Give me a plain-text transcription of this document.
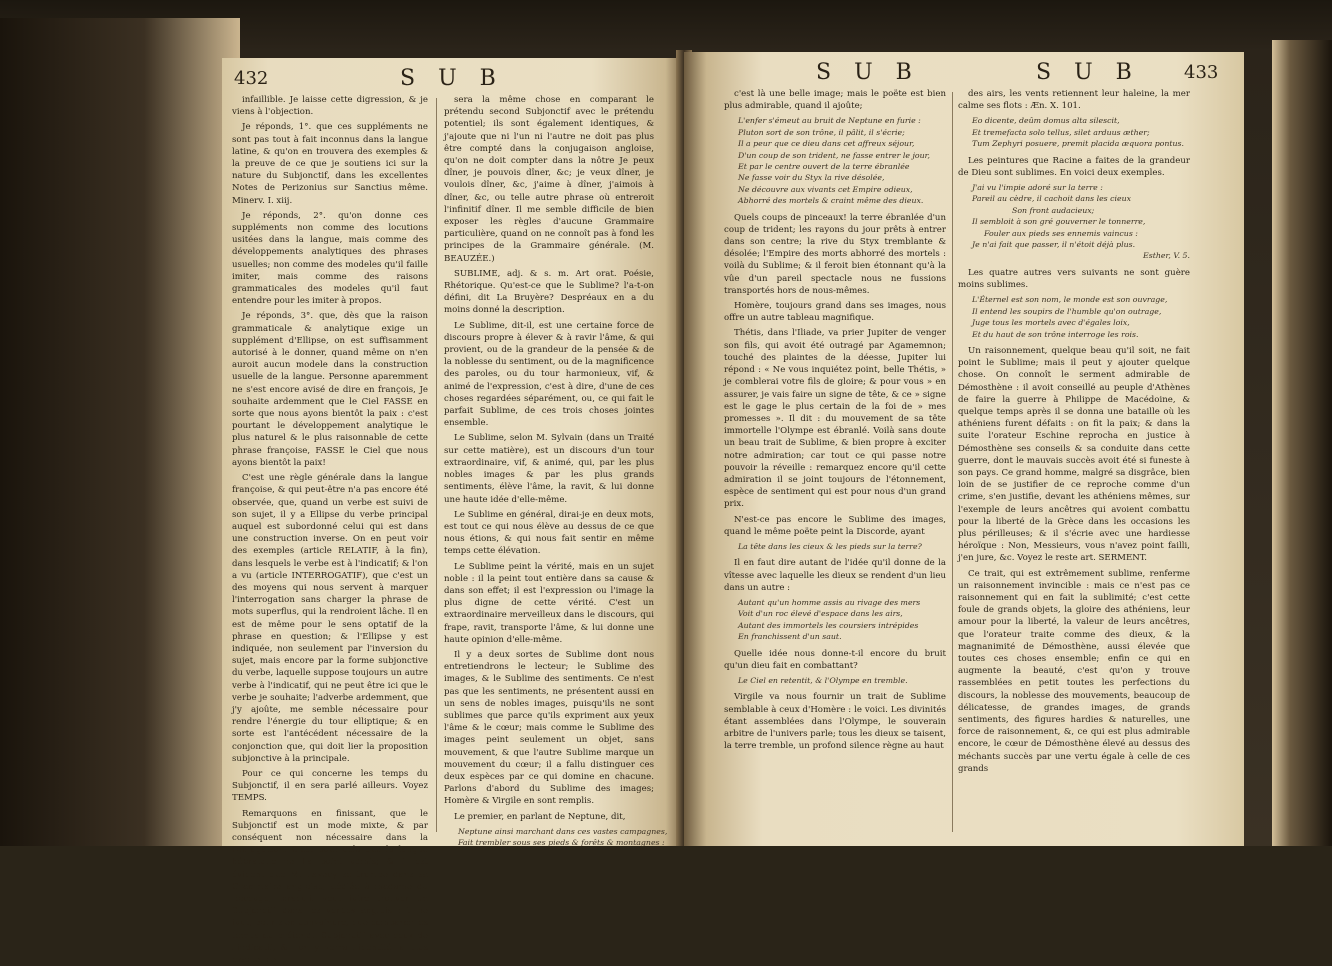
432	S U B

infaillible. Je laisse cette digression, & je viens à l'objection.

Je réponds, 1°. que ces suppléments ne sont pas tout à fait inconnus dans la langue latine, & qu'on en trouvera des exemples & la preuve de ce que je soutiens ici sur la nature du Subjonctif, dans les excellentes Notes de Perizonius sur Sanctius même. Minerv. I. xiij.

Je réponds, 2°. qu'on donne ces suppléments non comme des locutions usitées dans la langue, mais comme des développements analytiques des phrases usuelles; non comme des modeles qu'il faille imiter, mais comme des raisons grammaticales des modeles qu'il faut entendre pour les imiter à propos.

Je réponds, 3°. que, dès que la raison grammaticale & analytique exige un supplément d'Ellipse, on est suffisamment autorisé à le donner, quand même on n'en auroit aucun modele dans la construction usuelle de la langue. Personne aparemment ne s'est encore avisé de dire en françois, Je souhaite ardemment que le Ciel FASSE en sorte que nous ayons bientôt la paix : c'est pourtant le développement analytique le plus naturel & le plus raisonnable de cette phrase françoise, FASSE le Ciel que nous ayons bientôt la paix!

C'est une règle générale dans la langue françoise, & qui peut-être n'a pas encore été observée, que, quand un verbe est suivi de son sujet, il y a Ellipse du verbe principal auquel est subordonné celui qui est dans une construction inverse. On en peut voir des exemples (article RELATIF, à la fin), dans lesquels le verbe est à l'indicatif; & l'on a vu (article INTERROGATIF), que c'est un des moyens qui nous servent à marquer l'interrogation sans charger la phrase de mots superflus, qui la rendroient lâche. Il en est de même pour le sens optatif de la phrase en question; & l'Ellipse y est indiquée, non seulement par l'inversion du sujet, mais encore par la forme subjonctive du verbe, laquelle suppose toujours un autre verbe à l'indicatif, qui ne peut être ici que le verbe je souhaite; l'adverbe ardemment, que j'y ajoûte, me semble nécessaire pour rendre l'énergie du tour elliptique; & en sorte est l'antécédent nécessaire de la conjonction que, qui doit lier la proposition subjonctive à la principale.

Pour ce qui concerne les temps du Subjonctif, il en sera parlé ailleurs. Voyez TEMPS.

Remarquons en finissant, que le Subjonctif est un mode mixte, & par conséquent non nécessaire dans la conjugaison. C'est pour cela que la langue hébraïque ne l'a point admis; & il est évident que M. Lavecy se trompe dans sa Grammaire angloise, dédiée à madame du Boccage, lorsqu'il veut faire trouver un Subjonctif dans les verbes anglois : il ne faut, pour s'en convaincre, que comparer les temps du prétendu Subjonctif avec ceux de l'indicatif, & l'on y verra l'identité la plus exacte; ce

sera la même chose en comparant le prétendu second Subjonctif avec le prétendu potentiel; ils sont également identiques, & j'ajoute que ni l'un ni l'autre ne doit pas plus être compté dans la conjugaison angloise, qu'on ne doit compter dans la nôtre Je peux dîner, je pouvois dîner, &c; je veux dîner, je voulois dîner, &c, j'aime à dîner, j'aimois à dîner, &c, ou telle autre phrase où entreroit l'infinitif dîner. Il me semble difficile de bien exposer les règles d'aucune Grammaire particulière, quand on ne connoît pas à fond les principes de la Grammaire générale. (M. BEAUZÉE.)

SUBLIME, adj. & s. m. Art orat. Poésie, Rhétorique. Qu'est-ce que le Sublime? l'a-t-on défini, dit La Bruyère? Despréaux en a du moins donné la description.

Le Sublime, dit-il, est une certaine force de discours propre à élever & à ravir l'âme, & qui provient, ou de la grandeur de la pensée & de la noblesse du sentiment, ou de la magnificence des paroles, ou du tour harmonieux, vif, & animé de l'expression, c'est à dire, d'une de ces choses regardées séparément, ou, ce qui fait le parfait Sublime, de ces trois choses jointes ensemble.

Le Sublime, selon M. Sylvain (dans un Traité sur cette matière), est un discours d'un tour extraordinaire, vif, & animé, qui, par les plus nobles images & par les plus grands sentiments, élève l'âme, la ravit, & lui donne une haute idée d'elle-même.

Le Sublime en général, dirai-je en deux mots, est tout ce qui nous élève au dessus de ce que nous étions, & qui nous fait sentir en même temps cette élévation.

Le Sublime peint la vérité, mais en un sujet noble : il la peint tout entière dans sa cause & dans son effet; il est l'expression ou l'image la plus digne de cette vérité. C'est un extraordinaire merveilleux dans le discours, qui frape, ravit, transporte l'âme, & lui donne une haute opinion d'elle-même.

Il y a deux sortes de Sublime dont nous entretiendrons le lecteur; le Sublime des images, & le Sublime des sentiments. Ce n'est pas que les sentiments, ne présentent aussi en un sens de nobles images, puisqu'ils ne sont sublimes que parce qu'ils expriment aux yeux l'âme & le cœur; mais comme le Sublime des images peint seulement un objet, sans mouvement, & que l'autre Sublime marque un mouvement du cœur; il a fallu distinguer ces deux espèces par ce qui domine en chacune. Parlons d'abord du Sublime des images; Homère & Virgile en sont remplis.

Le premier, en parlant de Neptune, dit,

Neptune ainsi marchant dans ces vastes campagnes,
Fait trembler sous ses pieds & forêts & montagnes :
S U B	S U B 433

c'est là une belle image; mais le poëte est bien plus admirable, quand il ajoûte;

L'enfer s'émeut au bruit de Neptune en furie :
Pluton sort de son trône, il pâlit, il s'écrie;
Il a peur que ce dieu dans cet affreux séjour,
D'un coup de son trident, ne fasse entrer le jour,
Et par le centre ouvert de la terre ébranlée
Ne fasse voir du Styx la rive désolée,
Ne découvre aux vivants cet Empire odieux,
Abhorré des mortels & craint même des dieux.

Quels coups de pinceaux! la terre ébranlée d'un coup de trident; les rayons du jour prêts à entrer dans son centre; la rive du Styx tremblante & désolée; l'Empire des morts abhorré des mortels : voilà du Sublime; & il feroit bien étonnant qu'à la vûe d'un pareil spectacle nous ne fussions transportés hors de nous-mêmes.

Homère, toujours grand dans ses images, nous offre un autre tableau magnifique.

Thétis, dans l'Iliade, va prier Jupiter de venger son fils, qui avoit été outragé par Agamemnon; touché des plaintes de la déesse, Jupiter lui répond : « Ne vous inquiétez point, belle Thétis, » je comblerai votre fils de gloire; & pour vous » en assurer, je vais faire un signe de tête, & ce » signe est le gage le plus certain de la foi de » mes promesses ». Il dit : du mouvement de sa tête immortelle l'Olympe est ébranlé. Voilà sans doute un beau trait de Sublime, & bien propre à exciter notre admiration; car tout ce qui passe notre pouvoir la réveille : remarquez encore qu'il cette admiration il se joint toujours de l'étonnement, espèce de sentiment qui est pour nous d'un grand prix.

N'est-ce pas encore le Sublime des images, quand le même poëte peint la Discorde, ayant

La tête dans les cieux & les pieds sur la terre?

Il en faut dire autant de l'idée qu'il donne de la vîtesse avec laquelle les dieux se rendent d'un lieu dans un autre :

Autant qu'un homme assis au rivage des mers
Voit d'un roc élevé d'espace dans les airs,
Autant des immortels les coursiers intrépides
En franchissent d'un saut.

Quelle idée nous donne-t-il encore du bruit qu'un dieu fait en combattant?

Le Ciel en retentit, & l'Olympe en tremble.

Virgile va nous fournir un trait de Sublime semblable à ceux d'Homère : le voici. Les divinités étant assemblées dans l'Olympe, le souverain arbitre de l'univers parle; tous les dieux se taisent, la terre tremble, un profond silence règne au haut

des airs, les vents retiennent leur haleine, la mer calme ses flots : Æn. X. 101.

Eo dicente, deûm domus alta silescit,
Et tremefacta solo tellus, silet arduus æther;
Tum Zephyri posuere, premit placida æquora pontus.

Les peintures que Racine a faites de la grandeur de Dieu sont sublimes. En voici deux exemples.

J'ai vu l'impie adoré sur la terre :
Pareil au cèdre, il cachoit dans les cieux
Son front audacieux;
Il sembloit à son gré gouverner le tonnerre,
Fouler aux pieds ses ennemis vaincus :
Je n'ai fait que passer, il n'étoit déjà plus.
Esther, V. 5.

Les quatre autres vers suivants ne sont guère moins sublimes.

L'Éternel est son nom, le monde est son ouvrage,
Il entend les soupirs de l'humble qu'on outrage,
Juge tous les mortels avec d'égales loix,
Et du haut de son trône interroge les rois.

Un raisonnement, quelque beau qu'il soit, ne fait point le Sublime; mais il peut y ajouter quelque chose. On connoît le serment admirable de Démosthène : il avoit conseillé au peuple d'Athènes de faire la guerre à Philippe de Macédoine, & quelque temps après il se donna une bataille où les athéniens furent défaits : on fit la paix; & dans la suite l'orateur Eschine reprocha en justice à Démosthène ses conseils & sa conduite dans cette guerre, dont le mauvais succès avoit été si funeste à son pays. Ce grand homme, malgré sa disgrâce, bien loin de se justifier de ce reproche comme d'un crime, s'en justifie, devant les athéniens mêmes, sur l'exemple de leurs ancêtres qui avoient combattu pour la liberté de la Grèce dans les occasions les plus périlleuses; & il s'écrie avec une hardiesse héroïque : Non, Messieurs, vous n'avez point failli, j'en jure, &c. Voyez le reste art. SERMENT.

Ce trait, qui est extrêmement sublime, renferme un raisonnement invincible : mais ce n'est pas ce raisonnement qui en fait la sublimité; c'est cette foule de grands objets, la gloire des athéniens, leur amour pour la liberté, la valeur de leurs ancêtres, que l'orateur traite comme des dieux, & la magnanimité de Démosthène, aussi élevée que toutes ces choses ensemble; enfin ce qui en augmente la beauté, c'est qu'on y trouve rassemblées en petit toutes les perfections du discours, la noblesse des mouvements, beaucoup de délicatesse, de grandes images, de grands sentiments, des figures hardies & naturelles, une force de raisonnement, &, ce qui est plus admirable encore, le cœur de Démosthène élevé au dessus des méchants succès par une vertu égale à celle de ces grands
